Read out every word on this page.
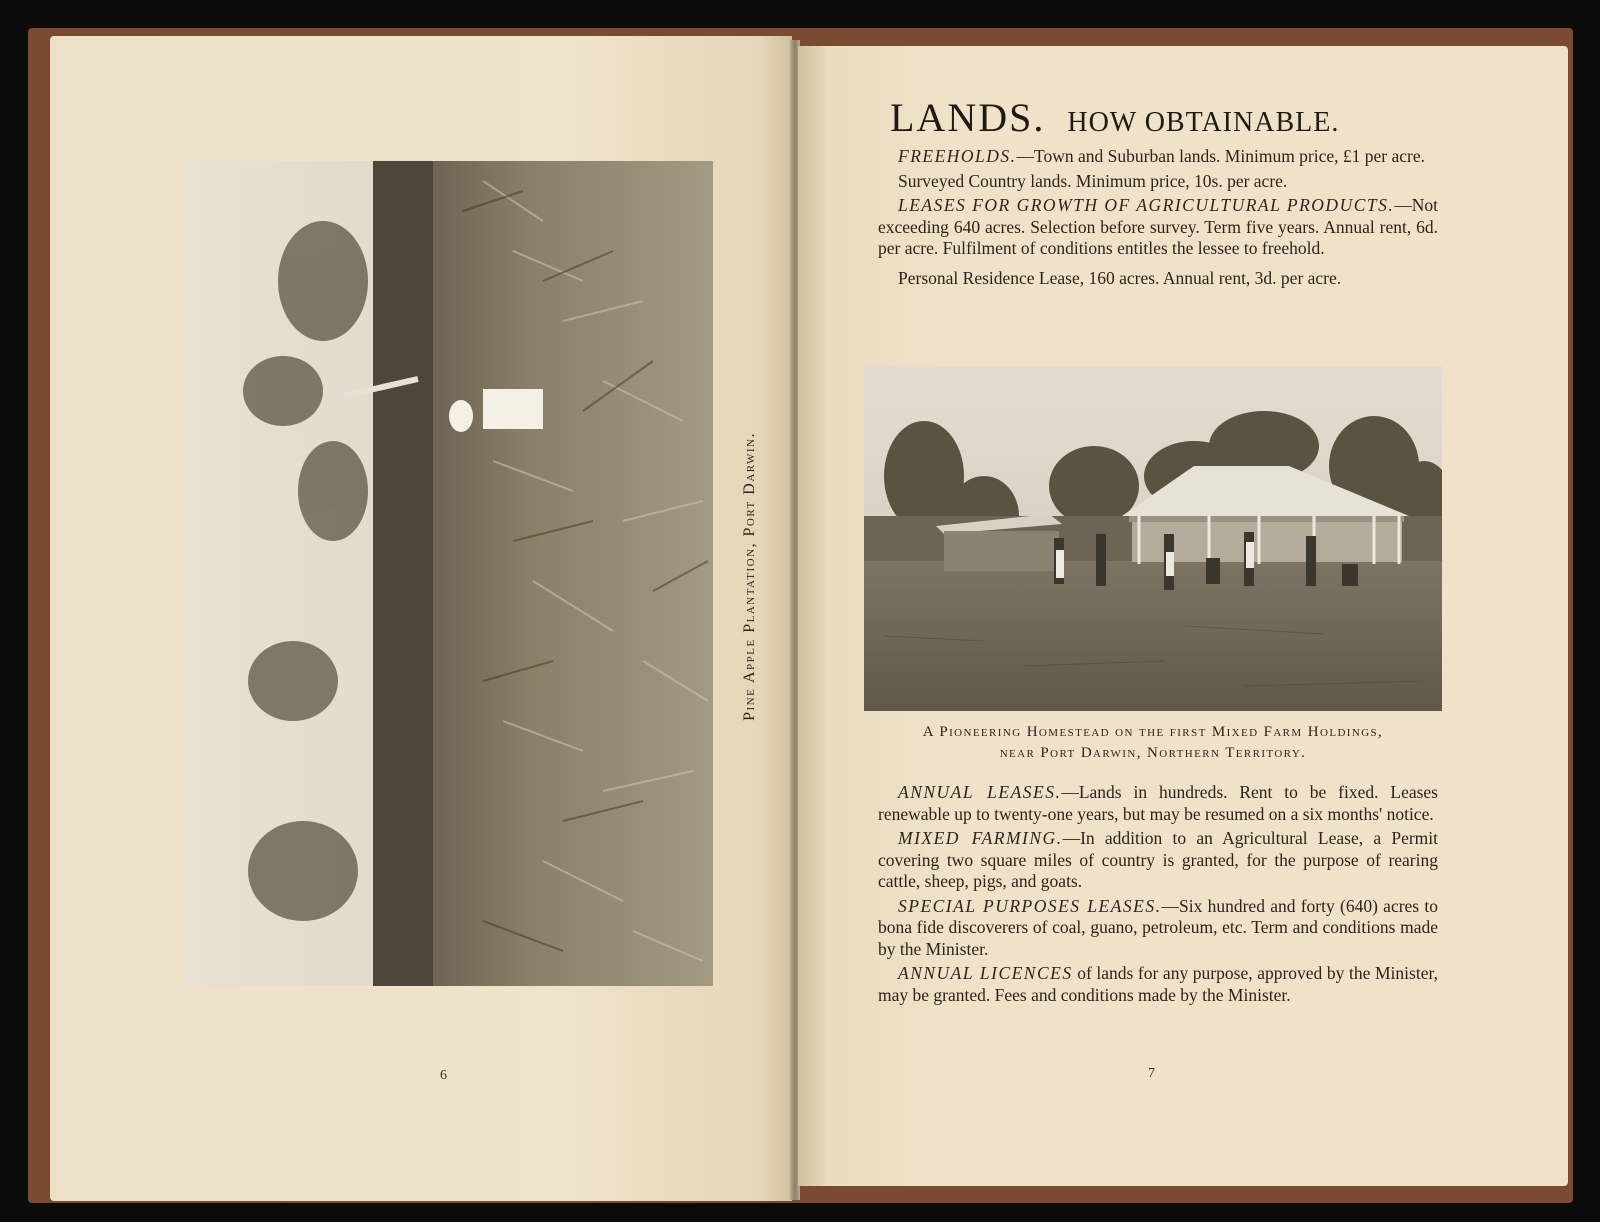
Pine Apple Plantation, Port Darwin.
6
LANDS. HOW OBTAINABLE.

FREEHOLDS.—Town and Suburban lands. Minimum price, £1 per acre.

Surveyed Country lands. Minimum price, 10s. per acre.

LEASES FOR GROWTH OF AGRICULTURAL PRODUCTS.—Not exceeding 640 acres. Selection before survey. Term five years. Annual rent, 6d. per acre. Fulfilment of conditions entitles the lessee to freehold.

Personal Residence Lease, 160 acres. Annual rent, 3d. per acre.

A Pioneering Homestead on the first Mixed Farm Holdings,
near Port Darwin, Northern Territory.

ANNUAL LEASES.—Lands in hundreds. Rent to be fixed. Leases renewable up to twenty-one years, but may be resumed on a six months' notice.

MIXED FARMING.—In addition to an Agricultural Lease, a Permit covering two square miles of country is granted, for the purpose of rearing cattle, sheep, pigs, and goats.

SPECIAL PURPOSES LEASES.—Six hundred and forty (640) acres to bona fide discoverers of coal, guano, petroleum, etc. Term and conditions made by the Minister.

ANNUAL LICENCES of lands for any purpose, approved by the Minister, may be granted. Fees and conditions made by the Minister.

7
